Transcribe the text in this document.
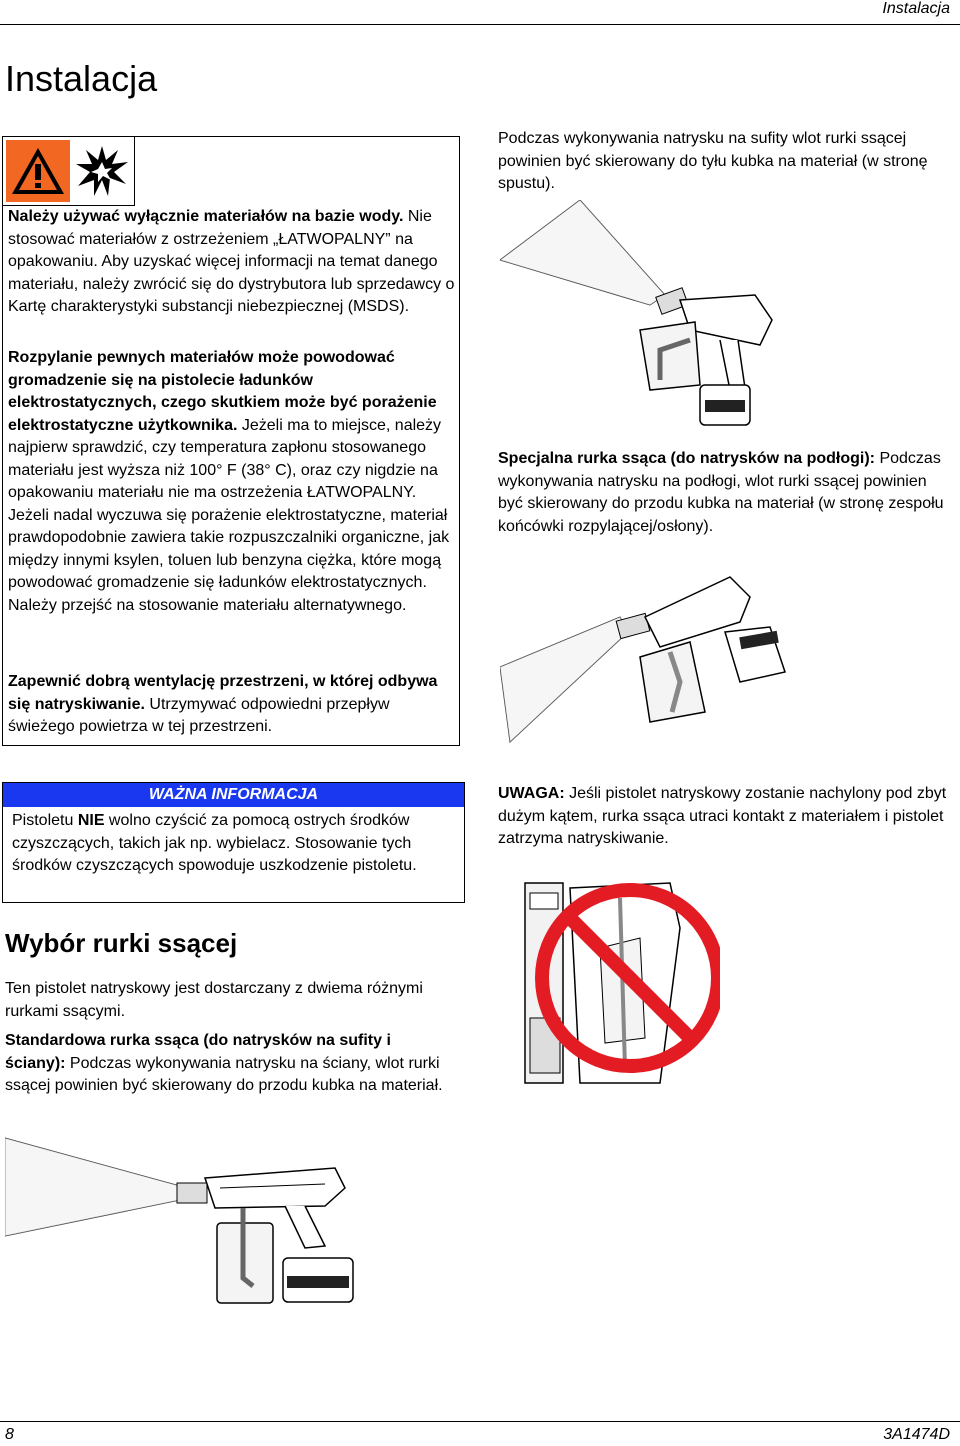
Instalacja
Instalacja
Należy używać wyłącznie materiałów na bazie wody. Nie stosować materiałów z ostrzeżeniem „ŁATWOPALNY” na opakowaniu. Aby uzyskać więcej informacji na temat danego materiału, należy zwrócić się do dystrybutora lub sprzedawcy o Kartę charakterystyki substancji niebezpiecznej (MSDS).
Rozpylanie pewnych materiałów może powodować gromadzenie się na pistolecie ładunków elektrostatycznych, czego skutkiem może być porażenie elektrostatyczne użytkownika. Jeżeli ma to miejsce, należy najpierw sprawdzić, czy temperatura zapłonu stosowanego materiału jest wyższa niż 100° F (38° C), oraz czy nigdzie na opakowaniu materiału nie ma ostrzeżenia ŁATWOPALNY. Jeżeli nadal wyczuwa się porażenie elektrostatyczne, materiał prawdopodobnie zawiera takie rozpuszczalniki organiczne, jak między innymi ksylen, toluen lub benzyna ciężka, które mogą powodować gromadzenie się ładunków elektrostatycznych. Należy przejść na stosowanie materiału alternatywnego.
Zapewnić dobrą wentylację przestrzeni, w której odbywa się natryskiwanie. Utrzymywać odpowiedni przepływ świeżego powietrza w tej przestrzeni.
WAŻNA INFORMACJA
Pistoletu NIE wolno czyścić za pomocą ostrych środków czyszczących, takich jak np. wybielacz. Stosowanie tych środków czyszczących spowoduje uszkodzenie pistoletu.
Wybór rurki ssącej
Ten pistolet natryskowy jest dostarczany z dwiema różnymi rurkami ssącymi.
Standardowa rurka ssąca (do natrysków na sufity i ściany): Podczas wykonywania natrysku na ściany, wlot rurki ssącej powinien być skierowany do przodu kubka na materiał.
Podczas wykonywania natrysku na sufity wlot rurki ssącej powinien być skierowany do tyłu kubka na materiał (w stronę spustu).
Specjalna rurka ssąca (do natrysków na podłogi): Podczas wykonywania natrysku na podłogi, wlot rurki ssącej powinien być skierowany do przodu kubka na materiał (w stronę zespołu końcówki rozpylającej/osłony).
UWAGA: Jeśli pistolet natryskowy zostanie nachylony pod zbyt dużym kątem, rurka ssąca utraci kontakt z materiałem i pistolet zatrzyma natryskiwanie.
8	3A1474D
